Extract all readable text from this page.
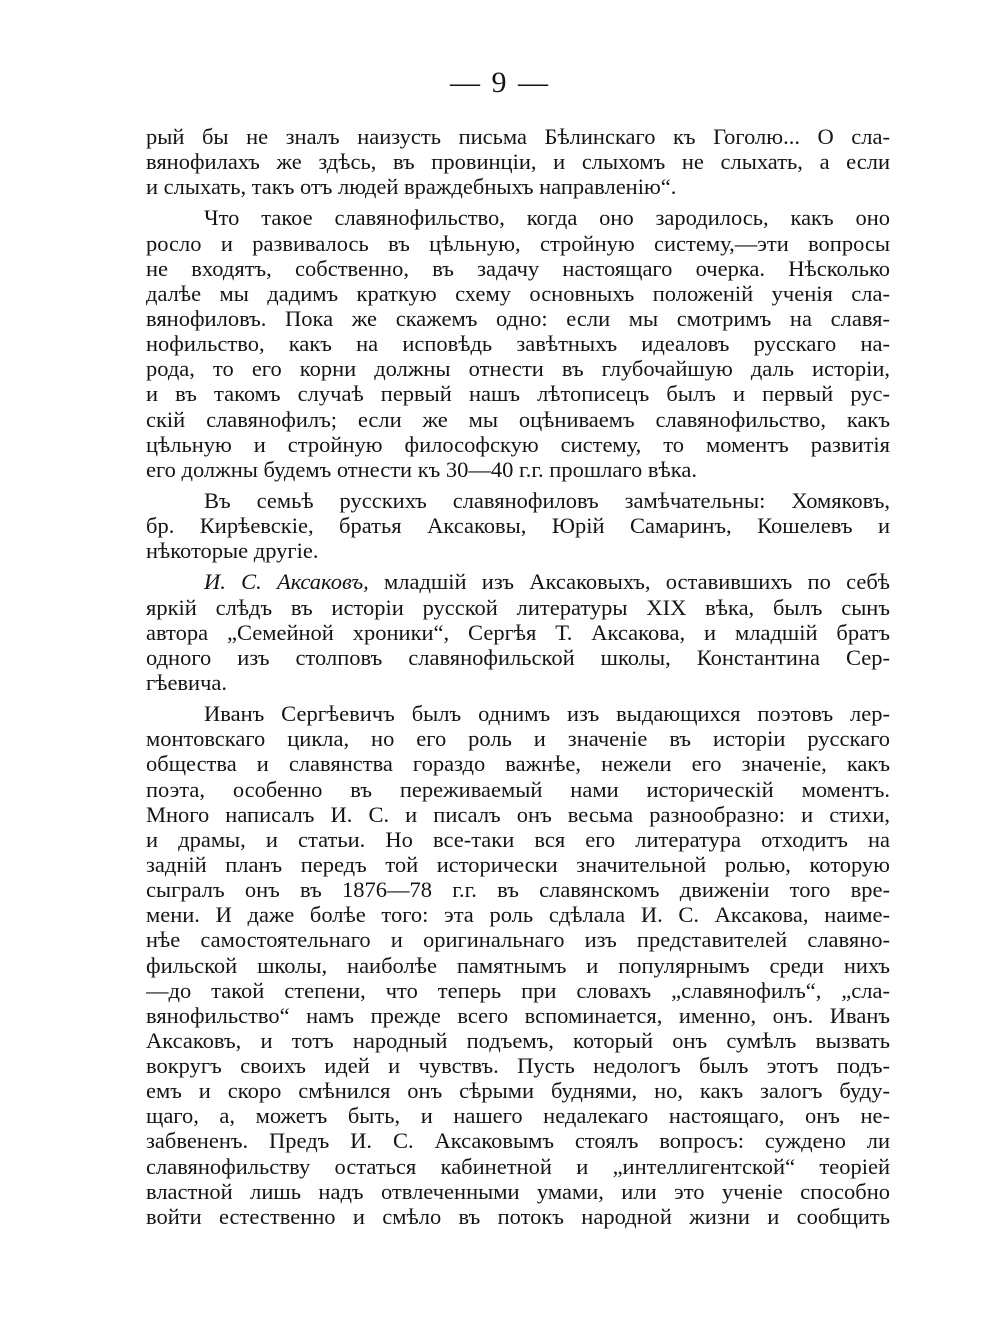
— 9 —
рый бы не зналъ наизусть письма Бѣлинскаго къ Гоголю... О сла-
вянофилахъ же здѣсь, въ провинціи, и слыхомъ не слыхать, а если
и слыхать, такъ отъ людей враждебныхъ направленію“.
Что такое славянофильство, когда оно зародилось, какъ оно
росло и развивалось въ цѣльную, стройную систему,—эти вопросы
не входятъ, собственно, въ задачу настоящаго очерка. Нѣсколько
далѣе мы дадимъ краткую схему основныхъ положеній ученія сла-
вянофиловъ. Пока же скажемъ одно: если мы смотримъ на славя-
нофильство, какъ на исповѣдь завѣтныхъ идеаловъ русскаго на-
рода, то его корни должны отнести въ глубочайшую даль исторіи,
и въ такомъ случаѣ первый нашъ лѣтописецъ былъ и первый рус-
скій славянофилъ; если же мы оцѣниваемъ славянофильство, какъ
цѣльную и стройную философскую систему, то моментъ развитія
его должны будемъ отнести къ 30—40 г.г. прошлаго вѣка.
Въ семьѣ русскихъ славянофиловъ замѣчательны: Хомяковъ,
бр. Кирѣевскіе, братья Аксаковы, Юрій Самаринъ, Кошелевъ и
нѣкоторые другіе.
И. С. Аксаковъ, младшій изъ Аксаковыхъ, оставившихъ по себѣ
яркій слѣдъ въ исторіи русской литературы XIX вѣка, былъ сынъ
автора „Семейной хроники“, Сергѣя Т. Аксакова, и младшій братъ
одного изъ столповъ славянофильской школы, Константина Сер-
гѣевича.
Иванъ Сергѣевичъ былъ однимъ изъ выдающихся поэтовъ лер-
монтовскаго цикла, но его роль и значеніе въ исторіи русскаго
общества и славянства гораздо важнѣе, нежели его значеніе, какъ
поэта, особенно въ переживаемый нами историческій моментъ.
Много написалъ И. С. и писалъ онъ весьма разнообразно: и стихи,
и драмы, и статьи. Но все-таки вся его литература отходитъ на
задній планъ передъ той исторически значительной ролью, которую
сыгралъ онъ въ 1876—78 г.г. въ славянскомъ движеніи того вре-
мени. И даже болѣе того: эта роль сдѣлала И. С. Аксакова, наиме-
нѣе самостоятельнаго и оригинальнаго изъ представителей славяно-
фильской школы, наиболѣе памятнымъ и популярнымъ среди нихъ
—до такой степени, что теперь при словахъ „славянофилъ“, „сла-
вянофильство“ намъ прежде всего вспоминается, именно, онъ. Иванъ
Аксаковъ, и тотъ народный подъемъ, который онъ сумѣлъ вызвать
вокругъ своихъ идей и чувствъ. Пусть недологъ былъ этотъ подъ-
емъ и скоро смѣнился онъ сѣрыми буднями, но, какъ залогъ буду-
щаго, а, можетъ быть, и нашего недалекаго настоящаго, онъ не-
забвененъ. Предъ И. С. Аксаковымъ стоялъ вопросъ: суждено ли
славянофильству остаться кабинетной и „интеллигентской“ теоріей
властной лишь надъ отвлеченными умами, или это ученіе способно
войти естественно и смѣло въ потокъ народной жизни и сообщить
